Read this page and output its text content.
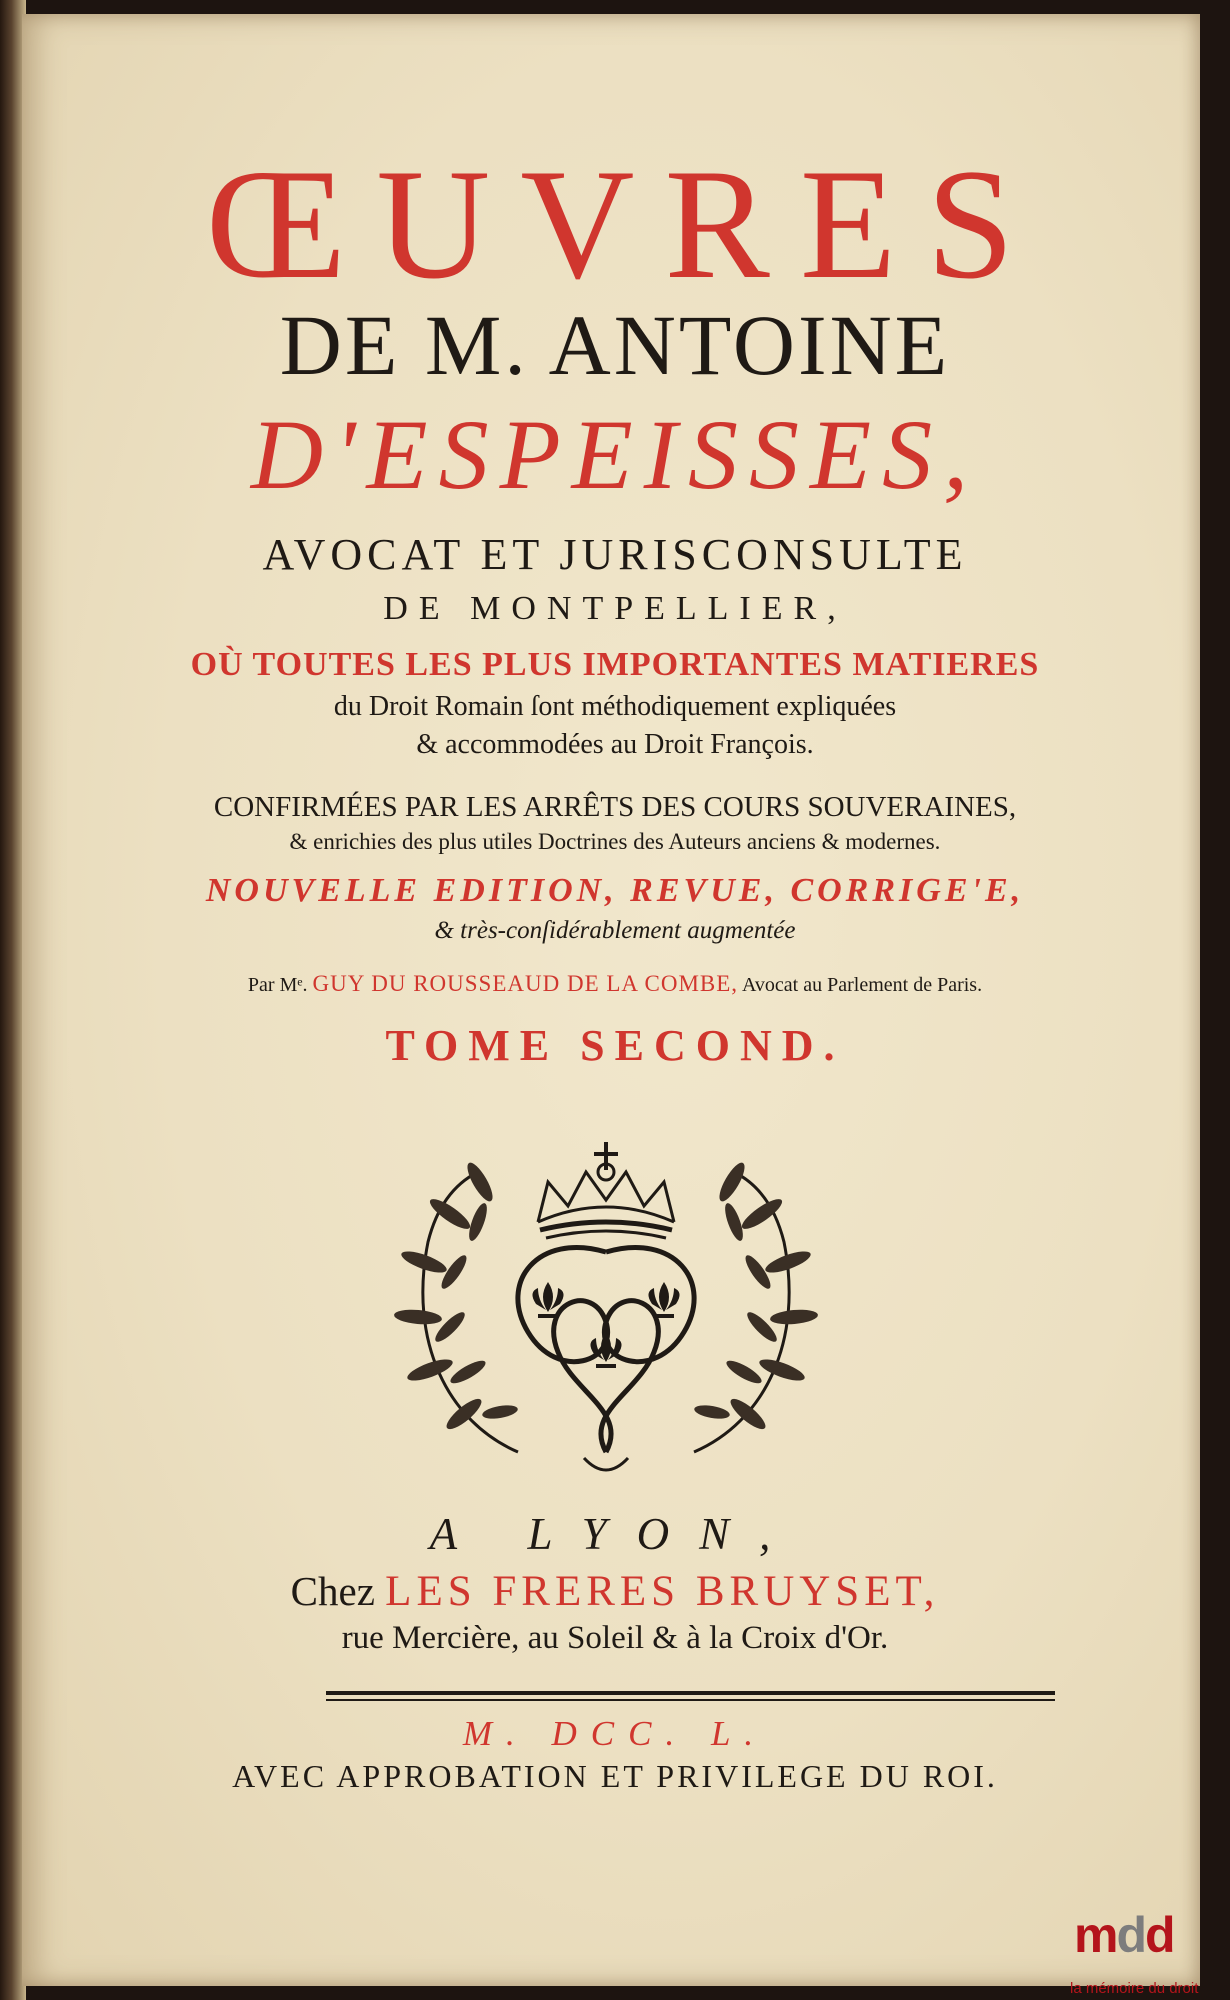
ŒUVRES
DE M. ANTOINE
D'ESPEISSES,
AVOCAT ET JURISCONSULTE
DE MONTPELLIER,
OÙ TOUTES LES PLUS IMPORTANTES MATIERES
du Droit Romain ſont méthodiquement expliquées
& accommodées au Droit François.
CONFIRMÉES PAR LES ARRÊTS DES COURS SOUVERAINES,
& enrichies des plus utiles Doctrines des Auteurs anciens & modernes.
NOUVELLE EDITION, REVUE, CORRIGE'E,
& très-conſidérablement augmentée
Par Mᵉ. GUY DU ROUSSEAUD DE LA COMBE, Avocat au Parlement de Paris.
TOME SECOND.
A LYON,
Chez LES FRERES BRUYSET,
rue Mercière, au Soleil & à la Croix d'Or.
M. DCC. L.
AVEC APPROBATION ET PRIVILEGE DU ROI.
mdd
la mémoire du droit
